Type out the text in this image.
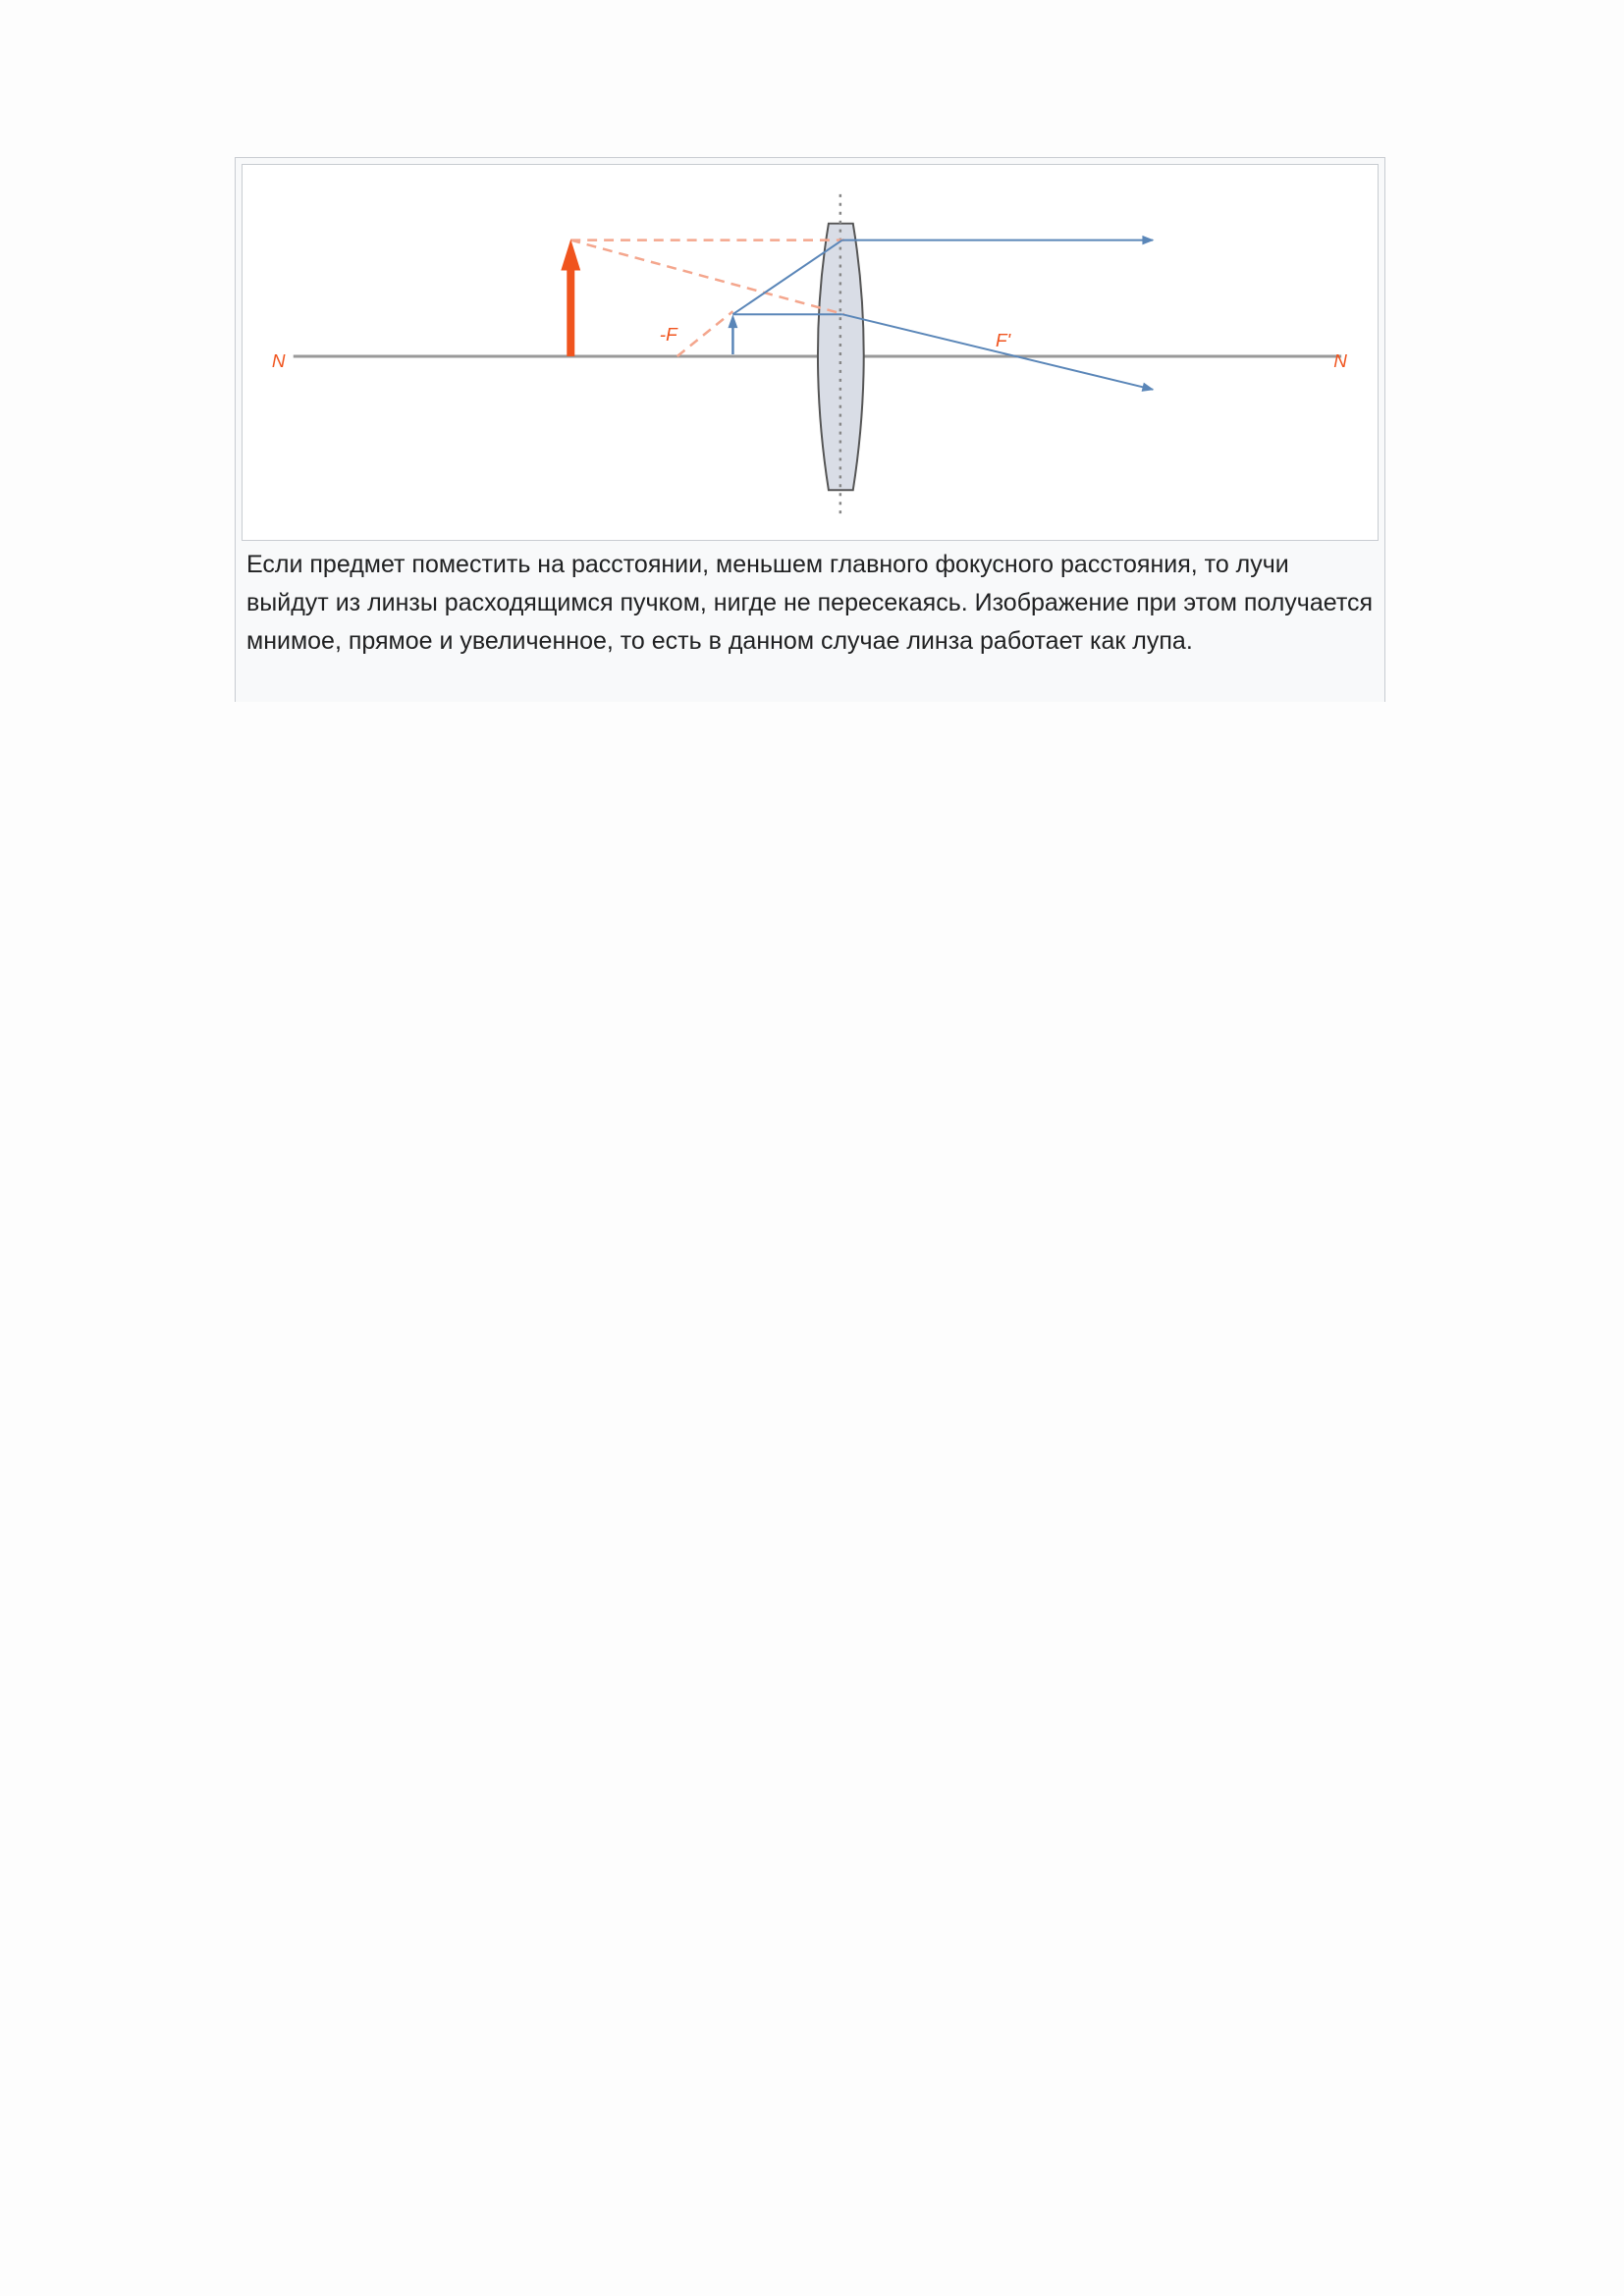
N	N
-F	F'

Если предмет поместить на расстоянии, меньшем главного фокусного расстояния, то лучи выйдут из линзы расходящимся пучком, нигде не пересекаясь. Изображение при этом получается мнимое, прямое и увеличенное, то есть в данном случае линза работает как лупа.
